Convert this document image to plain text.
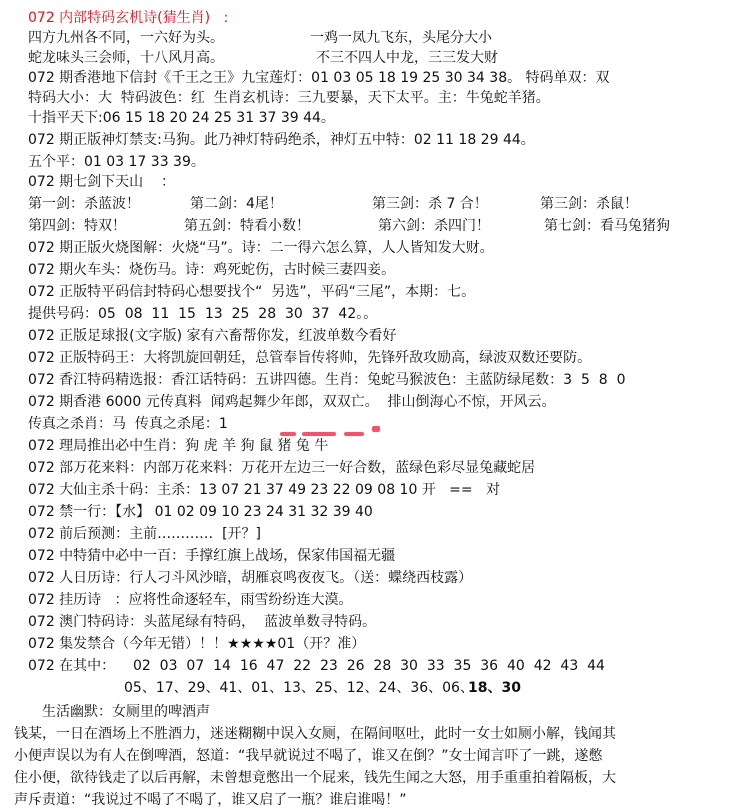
072 内部特码玄机诗(猜生肖)   :
四方九州各不同，一六好为头。	一鸡一凤九飞东，头尾分大小
蛇龙味头三会师，十八风月高。	不三不四人中龙，三三发大财
072 期香港地下信封《千王之王》九宝莲灯：01 03 05 18 19 25 30 34 38。 特码单双：双
特码大小：大  特码波色：红  生肖玄机诗：三九要暴，天下太平。主：牛兔蛇羊猪。
十指平天下:06 15 18 20 24 25 31 37 39 44。
072 期正版神灯禁支:马狗。此乃神灯特码绝杀，神灯五中特：02 11 18 29 44。
五个平：01 03 17 33 39。
072 期七剑下天山    ：
第一剑：杀蓝波！	第二剑：4尾！	第三剑：杀 7 合！	第三剑：杀鼠！
第四剑：特双！	第五剑：特看小数！	第六剑：杀四门！	第七剑：看马兔猪狗
072 期正版火烧图解：火烧“马”。诗：二一得六怎么算，人人皆知发大财。
072 期火车头：烧伤马。诗：鸡死蛇伤，古时候三妻四妾。
072 正版特平码信封特码心想要找个“  另选”，平码“三尾”，本期：七。
提供号码：05  08  11  15  13  25  28  30  37  42。。
072 正版足球报(文字版) 家有六畜帮你发，红波单数今看好
072 正版特码王：大将凯旋回朝廷，总管奉旨传将帅，先锋歼敌攻励高，绿波双数还要防。
072 香江特码精选报：香江话特码：五讲四德。生肖：兔蛇马猴波色：主蓝防绿尾数：3  5  8  0
072 期香港 6000 元传真料  闻鸡起舞少年郎，双双亡。  排山倒海心不惊，开风云。
传真之杀肖：马  传真之杀尾：1
072 理局推出必中生肖：狗 虎 羊 狗 鼠 猪 兔 牛
072 部万花来料：内部万花来料：万花开左边三一好合数，蓝绿色彩尽显兔藏蛇居
072 大仙主杀十码：主杀：13 07 21 37 49 23 22 09 08 10 开   ==   对
072 禁一行：【水】 01 02 09 10 23 24 31 32 39 40
072 前后预测：主前…………  [开？]
072 中特猜中必中一百：手撑红旗上战场，保家伟国福无疆
072 人日历诗：行人刁斗风沙暗，胡雁哀鸣夜夜飞。（送：蝶绕西枝露）
072 挂历诗   ：应将性命逐轻车，雨雪纷纷连大漠。
072 澳门特码诗：头蓝尾绿有特码，  蓝波单数寻特码。
072 集发禁合（今年无错）！！★★★★01（开？准）
072 在其中：    02  03  07  14  16  47  22  23  26  28  30  33  35  36  40  42  43  44
05、17、29、41、01、13、25、12、24、36、06、
18、30
生活幽默：女厕里的啤酒声
钱某，一日在酒场上不胜酒力，迷迷糊糊中误入女厕，在隔间呕吐，此时一女士如厕小解，钱闻其
小便声误以为有人在倒啤酒，怒道：“我早就说过不喝了，谁又在倒？”女士闻言吓了一跳，遂憋
住小便，欲待钱走了以后再解，未曾想竟憋出一个屁来，钱先生闻之大怒，用手重重拍着隔板，大
声斥责道：“我说过不喝了不喝了，谁又启了一瓶？谁启谁喝！”
